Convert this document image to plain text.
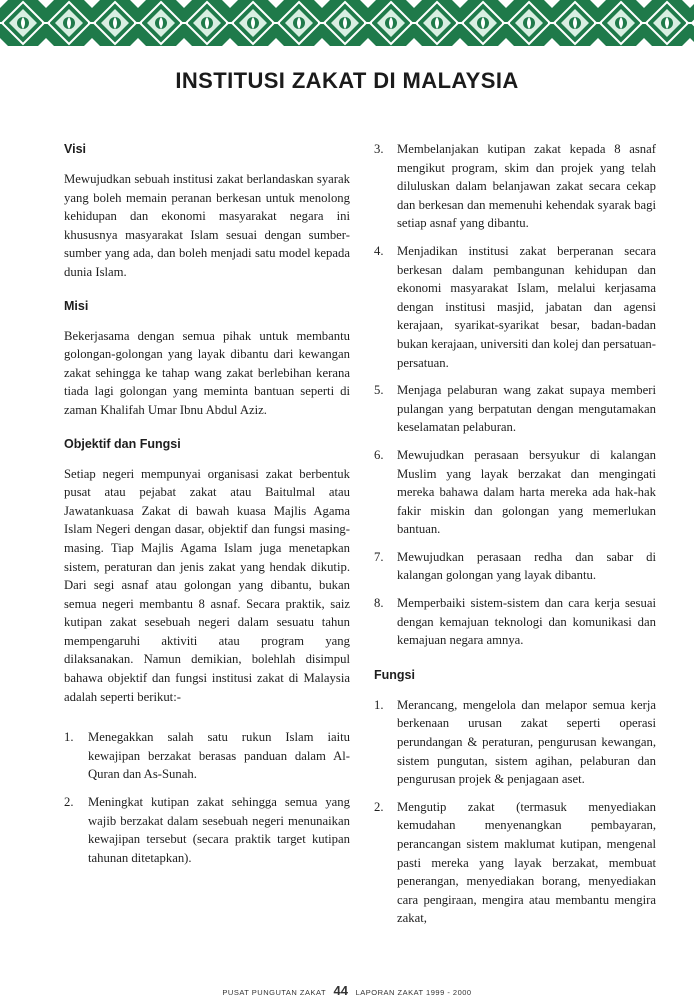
INSTITUSI ZAKAT DI MALAYSIA
Visi

Mewujudkan sebuah institusi zakat berlandaskan syarak yang boleh memain peranan berkesan untuk menolong kehidupan dan ekonomi masyarakat negara ini khususnya masyarakat Islam sesuai dengan sumber-sumber yang ada, dan boleh menjadi satu model kepada dunia Islam.

Misi

Bekerjasama dengan semua pihak untuk membantu golongan-golongan yang layak dibantu dari kewangan zakat sehingga ke tahap wang zakat berlebihan kerana tiada lagi golongan yang meminta bantuan seperti di zaman Khalifah Umar Ibnu Abdul Aziz.

Objektif dan Fungsi

Setiap negeri mempunyai organisasi zakat berbentuk pusat atau pejabat zakat atau Baitulmal atau Jawatankuasa Zakat di bawah kuasa Majlis Agama Islam Negeri dengan dasar, objektif dan fungsi masing-masing. Tiap Majlis Agama Islam juga menetapkan sistem, peraturan dan jenis zakat yang hendak dikutip. Dari segi asnaf atau golongan yang dibantu, bukan semua negeri membantu 8 asnaf. Secara praktik, saiz kutipan zakat sesebuah negeri dalam sesuatu tahun mempengaruhi aktiviti atau program yang dilaksanakan. Namun demikian, bolehlah disimpul bahawa objektif dan fungsi institusi zakat di Malaysia adalah seperti berikut:-

1. Menegakkan salah satu rukun Islam iaitu kewajipan berzakat berasas panduan dalam Al-Quran dan As-Sunah.
2. Meningkat kutipan zakat sehingga semua yang wajib berzakat dalam sesebuah negeri menunaikan kewajipan tersebut (secara praktik target kutipan tahunan ditetapkan).
3. Membelanjakan kutipan zakat kepada 8 asnaf mengikut program, skim dan projek yang telah diluluskan dalam belanjawan zakat secara cekap dan berkesan dan memenuhi kehendak syarak bagi setiap asnaf yang dibantu.
4. Menjadikan institusi zakat berperanan secara berkesan dalam pembangunan kehidupan dan ekonomi masyarakat Islam, melalui kerjasama dengan institusi masjid, jabatan dan agensi kerajaan, syarikat-syarikat besar, badan-badan bukan kerajaan, universiti dan kolej dan persatuan-persatuan.
5. Menjaga pelaburan wang zakat supaya memberi pulangan yang berpatutan dengan mengutamakan keselamatan pelaburan.
6. Mewujudkan perasaan bersyukur di kalangan Muslim yang layak berzakat dan mengingati mereka bahawa dalam harta mereka ada hak-hak fakir miskin dan golongan yang memerlukan bantuan.
7. Mewujudkan perasaan redha dan sabar di kalangan golongan yang layak dibantu.
8. Memperbaiki sistem-sistem dan cara kerja sesuai dengan kemajuan teknologi dan komunikasi dan kemajuan negara amnya.
Fungsi
1. Merancang, mengelola dan melapor semua kerja berkenaan urusan zakat seperti operasi perundangan & peraturan, pengurusan kewangan, sistem pungutan, sistem agihan, pelaburan dan pengurusan projek & penjagaan aset.
2. Mengutip zakat (termasuk menyediakan kemudahan menyenangkan pembayaran, perancangan sistem maklumat kutipan, mengenal pasti mereka yang layak berzakat, membuat penerangan, menyediakan borang, menyediakan cara pengiraan, mengira atau membantu mengira zakat,
PUSAT PUNGUTAN ZAKAT 44 LAPORAN ZAKAT 1999 - 2000
